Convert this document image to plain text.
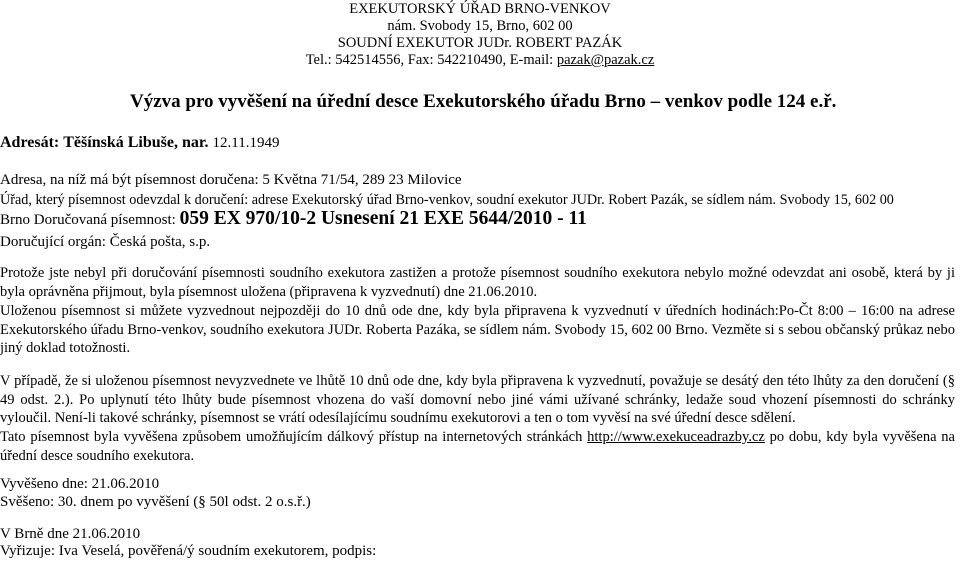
EXEKUTORSKÝ ÚŘAD BRNO-VENKOV
nám. Svobody 15, Brno, 602 00
SOUDNÍ EXEKUTOR JUDr. ROBERT PAZÁK
Tel.: 542514556, Fax: 542210490, E-mail: pazak@pazak.cz
Výzva pro vyvěšení na úřední desce Exekutorského úřadu Brno – venkov podle 124 e.ř.
Adresát: Těšínská Libuše, nar. 12.11.1949
Adresa, na níž má být písemnost doručena: 5 Května 71/54, 289 23 Milovice
Úřad, který písemnost odevzdal k doručení: adrese Exekutorský úřad Brno-venkov, soudní exekutor JUDr. Robert Pazák, se sídlem nám. Svobody 15, 602 00
Brno Doručovaná písemnost: 059 EX 970/10-2 Usnesení 21 EXE 5644/2010 - 11
Doručující orgán: Česká pošta, s.p.
Protože jste nebyl při doručování písemnosti soudního exekutora zastižen a protože písemnost soudního exekutora nebylo možné odevzdat ani osobě, která by ji byla oprávněna přijmout, byla písemnost uložena (připravena k vyzvednutí) dne 21.06.2010.
Uloženou písemnost si můžete vyzvednout nejpozději do 10 dnů ode dne, kdy byla připravena k vyzvednutí v úředních hodinách:Po-Čt 8:00 – 16:00 na adrese Exekutorského úřadu Brno-venkov, soudního exekutora JUDr. Roberta Pazáka, se sídlem nám. Svobody 15, 602 00 Brno. Vezměte si s sebou občanský průkaz nebo jiný doklad totožnosti.
V případě, že si uloženou písemnost nevyzvednete ve lhůtě 10 dnů ode dne, kdy byla připravena k vyzvednutí, považuje se desátý den této lhůty za den doručení (§ 49 odst. 2.). Po uplynutí této lhůty bude písemnost vhozena do vaší domovní nebo jiné vámi užívané schránky, ledaže soud vhození písemnosti do schránky vyloučil. Není-li takové schránky, písemnost se vrátí odesílajícímu soudnímu exekutorovi a ten o tom vyvěsí na své úřední desce sdělení.
Tato písemnost byla vyvěšena způsobem umožňujícím dálkový přístup na internetových stránkách http://www.exekuceadrazby.cz po dobu, kdy byla vyvěšena na úřední desce soudního exekutora.
Vyvěšeno dne: 21.06.2010
Svěšeno: 30. dnem po vyvěšení (§ 50l odst. 2 o.s.ř.)
V Brně dne 21.06.2010
Vyřizuje: Iva Veselá, pověřená/ý soudním exekutorem, podpis:
